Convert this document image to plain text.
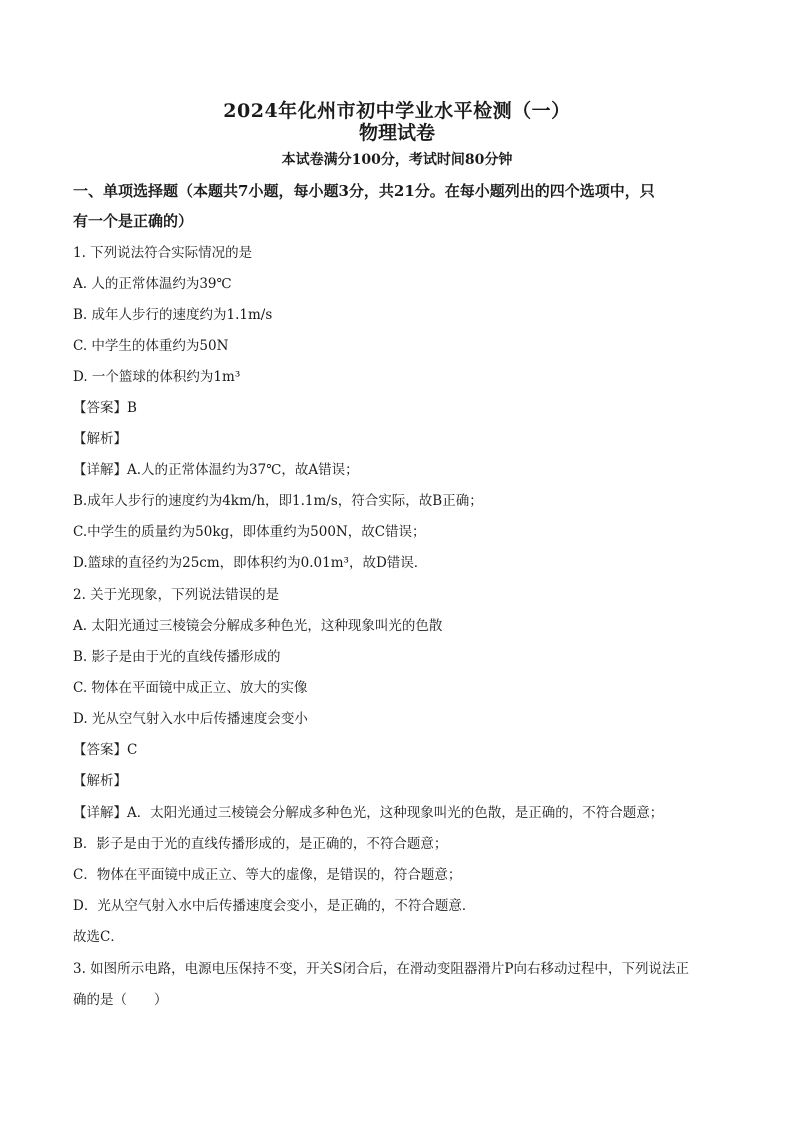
2024年化州市初中学业水平检测（一）
物理试卷
本试卷满分100分，考试时间80分钟
一、单项选择题（本题共7小题，每小题3分，共21分。在每小题列出的四个选项中，只
有一个是正确的）
1. 下列说法符合实际情况的是
A. 人的正常体温约为39℃
B. 成年人步行的速度约为1.1m/s
C. 中学生的体重约为50N
D. 一个篮球的体积约为1m³
【答案】B
【解析】
【详解】A.人的正常体温约为37℃，故A错误；
B.成年人步行的速度约为4km/h，即1.1m/s，符合实际，故B正确；
C.中学生的质量约为50kg，即体重约为500N，故C错误；
D.篮球的直径约为25cm，即体积约为0.01m³，故D错误．
2. 关于光现象，下列说法错误的是
A. 太阳光通过三棱镜会分解成多种色光，这种现象叫光的色散
B. 影子是由于光的直线传播形成的
C. 物体在平面镜中成正立、放大的实像
D. 光从空气射入水中后传播速度会变小
【答案】C
【解析】
【详解】A．太阳光通过三棱镜会分解成多种色光，这种现象叫光的色散，是正确的，不符合题意；
B．影子是由于光的直线传播形成的，是正确的，不符合题意；
C．物体在平面镜中成正立、等大的虚像，是错误的，符合题意；
D．光从空气射入水中后传播速度会变小，是正确的，不符合题意．
故选C．
3. 如图所示电路，电源电压保持不变，开关S闭合后，在滑动变阻器滑片P向右移动过程中，下列说法正
确的是（　　）
